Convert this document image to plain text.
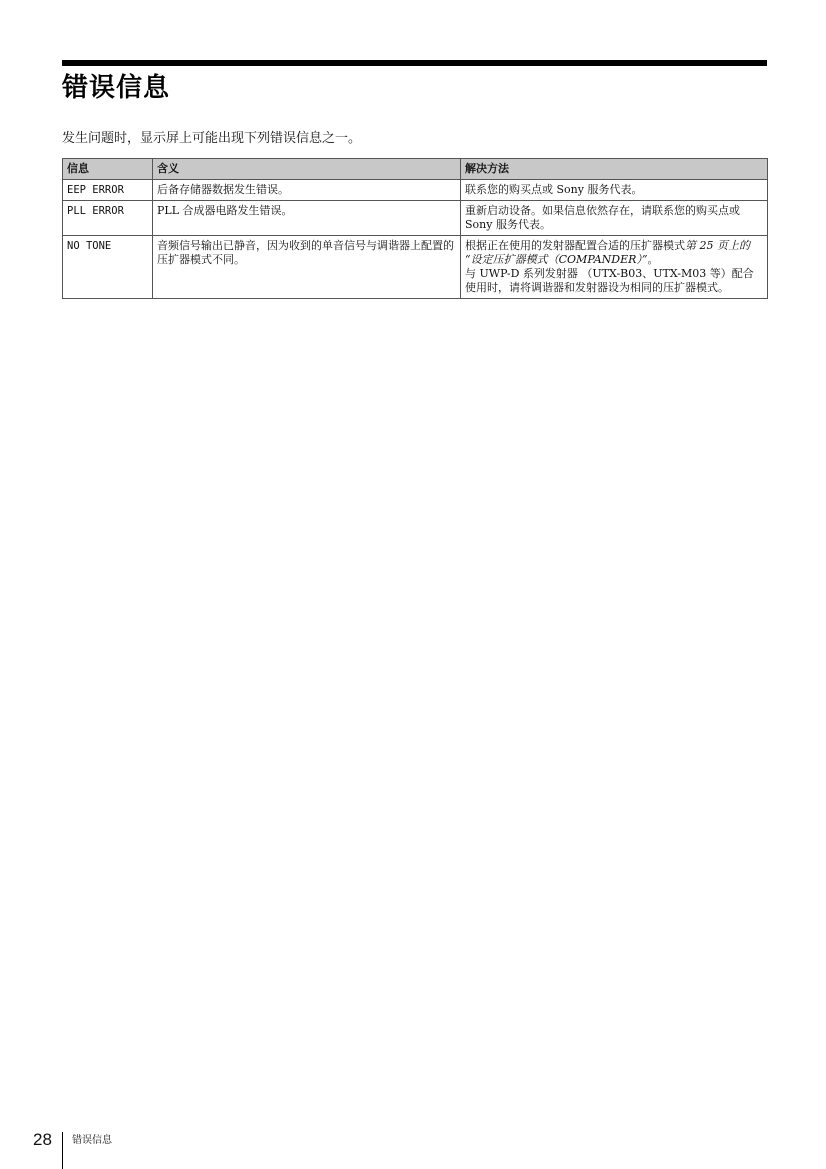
错误信息

发生问题时，显示屏上可能出现下列错误信息之一。

信息	含义	解决方法
EEP ERROR	后备存储器数据发生错误。	联系您的购买点或 Sony 服务代表。
PLL ERROR	PLL 合成器电路发生错误。	重新启动设备。如果信息依然存在，请联系您的购买点或 Sony 服务代表。
NO TONE	音频信号输出已静音，因为收到的单音信号与调谐器上配置的压扩器模式不同。	根据正在使用的发射器配置合适的压扩器模式第 25 页上的 “设定压扩器模式（COMPANDER）”。
与 UWP-D 系列发射器 （UTX-B03、UTX-M03 等）配合使用时，请将调谐器和发射器设为相同的压扩器模式。
28 错误信息
